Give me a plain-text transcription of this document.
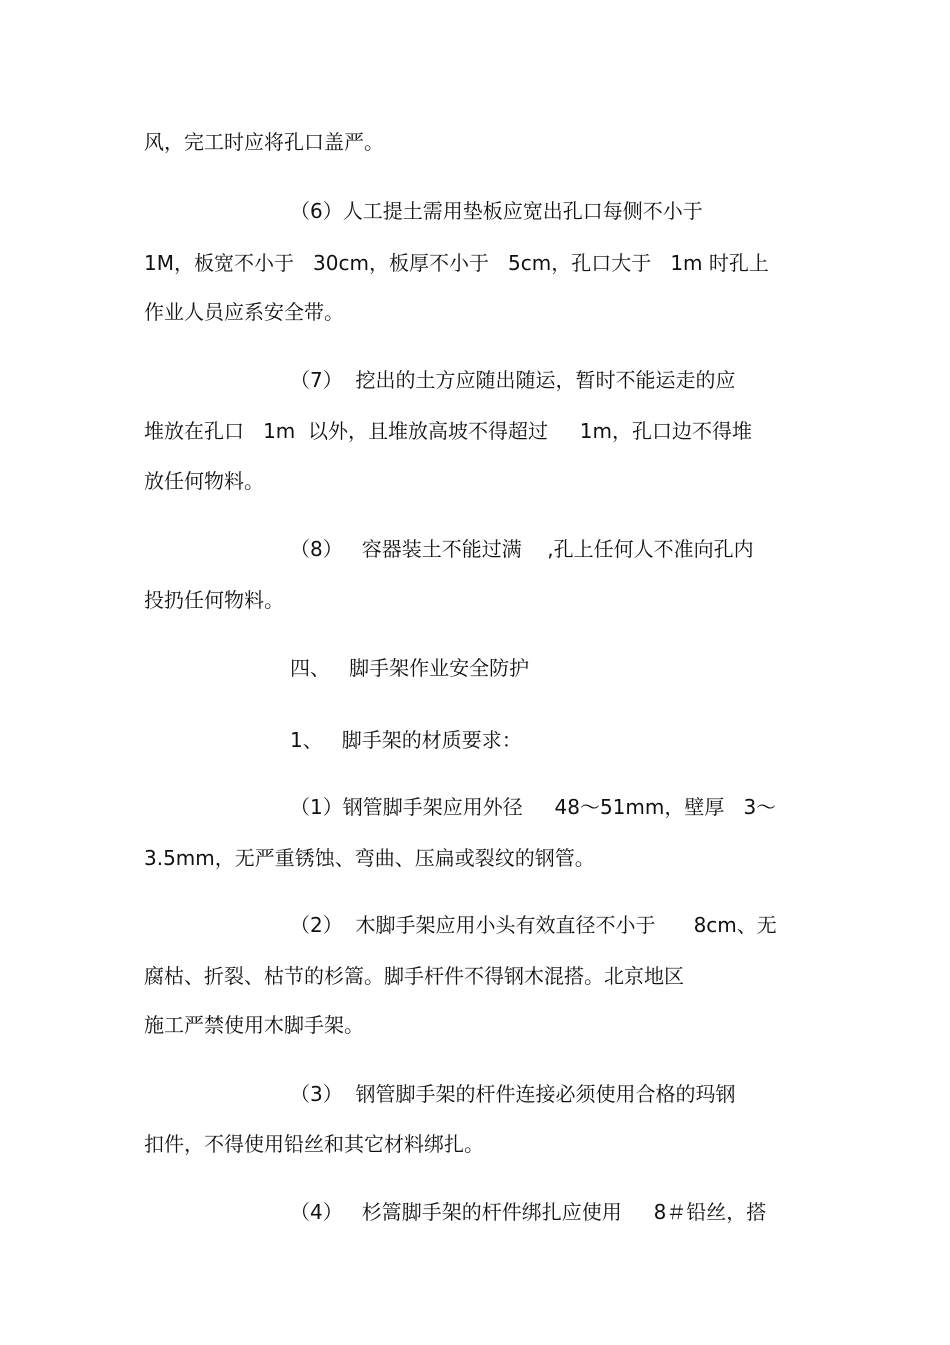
风，完工时应将孔口盖严。
（6）人工提土需用垫板应宽出孔口每侧不小于
1M，板宽不小于   30cm，板厚不小于   5cm，孔口大于   1m 时孔上
作业人员应系安全带。
（7）  挖出的土方应随出随运，暂时不能运走的应
堆放在孔口   1m  以外，且堆放高坡不得超过     1m，孔口边不得堆
放任何物料。
（8）   容器装土不能过满    ,孔上任何人不准向孔内
投扔任何物料。
四、   脚手架作业安全防护
1、   脚手架的材质要求：
（1）钢管脚手架应用外径     48～51mm，壁厚   3～
3.5mm，无严重锈蚀、弯曲、压扁或裂纹的钢管。
（2）  木脚手架应用小头有效直径不小于      8cm、无
腐枯、折裂、枯节的杉篙。脚手杆件不得钢木混搭。北京地区
施工严禁使用木脚手架。
（3）  钢管脚手架的杆件连接必须使用合格的玛钢
扣件，不得使用铅丝和其它材料绑扎。
（4）   杉篙脚手架的杆件绑扎应使用     8＃铅丝，搭
